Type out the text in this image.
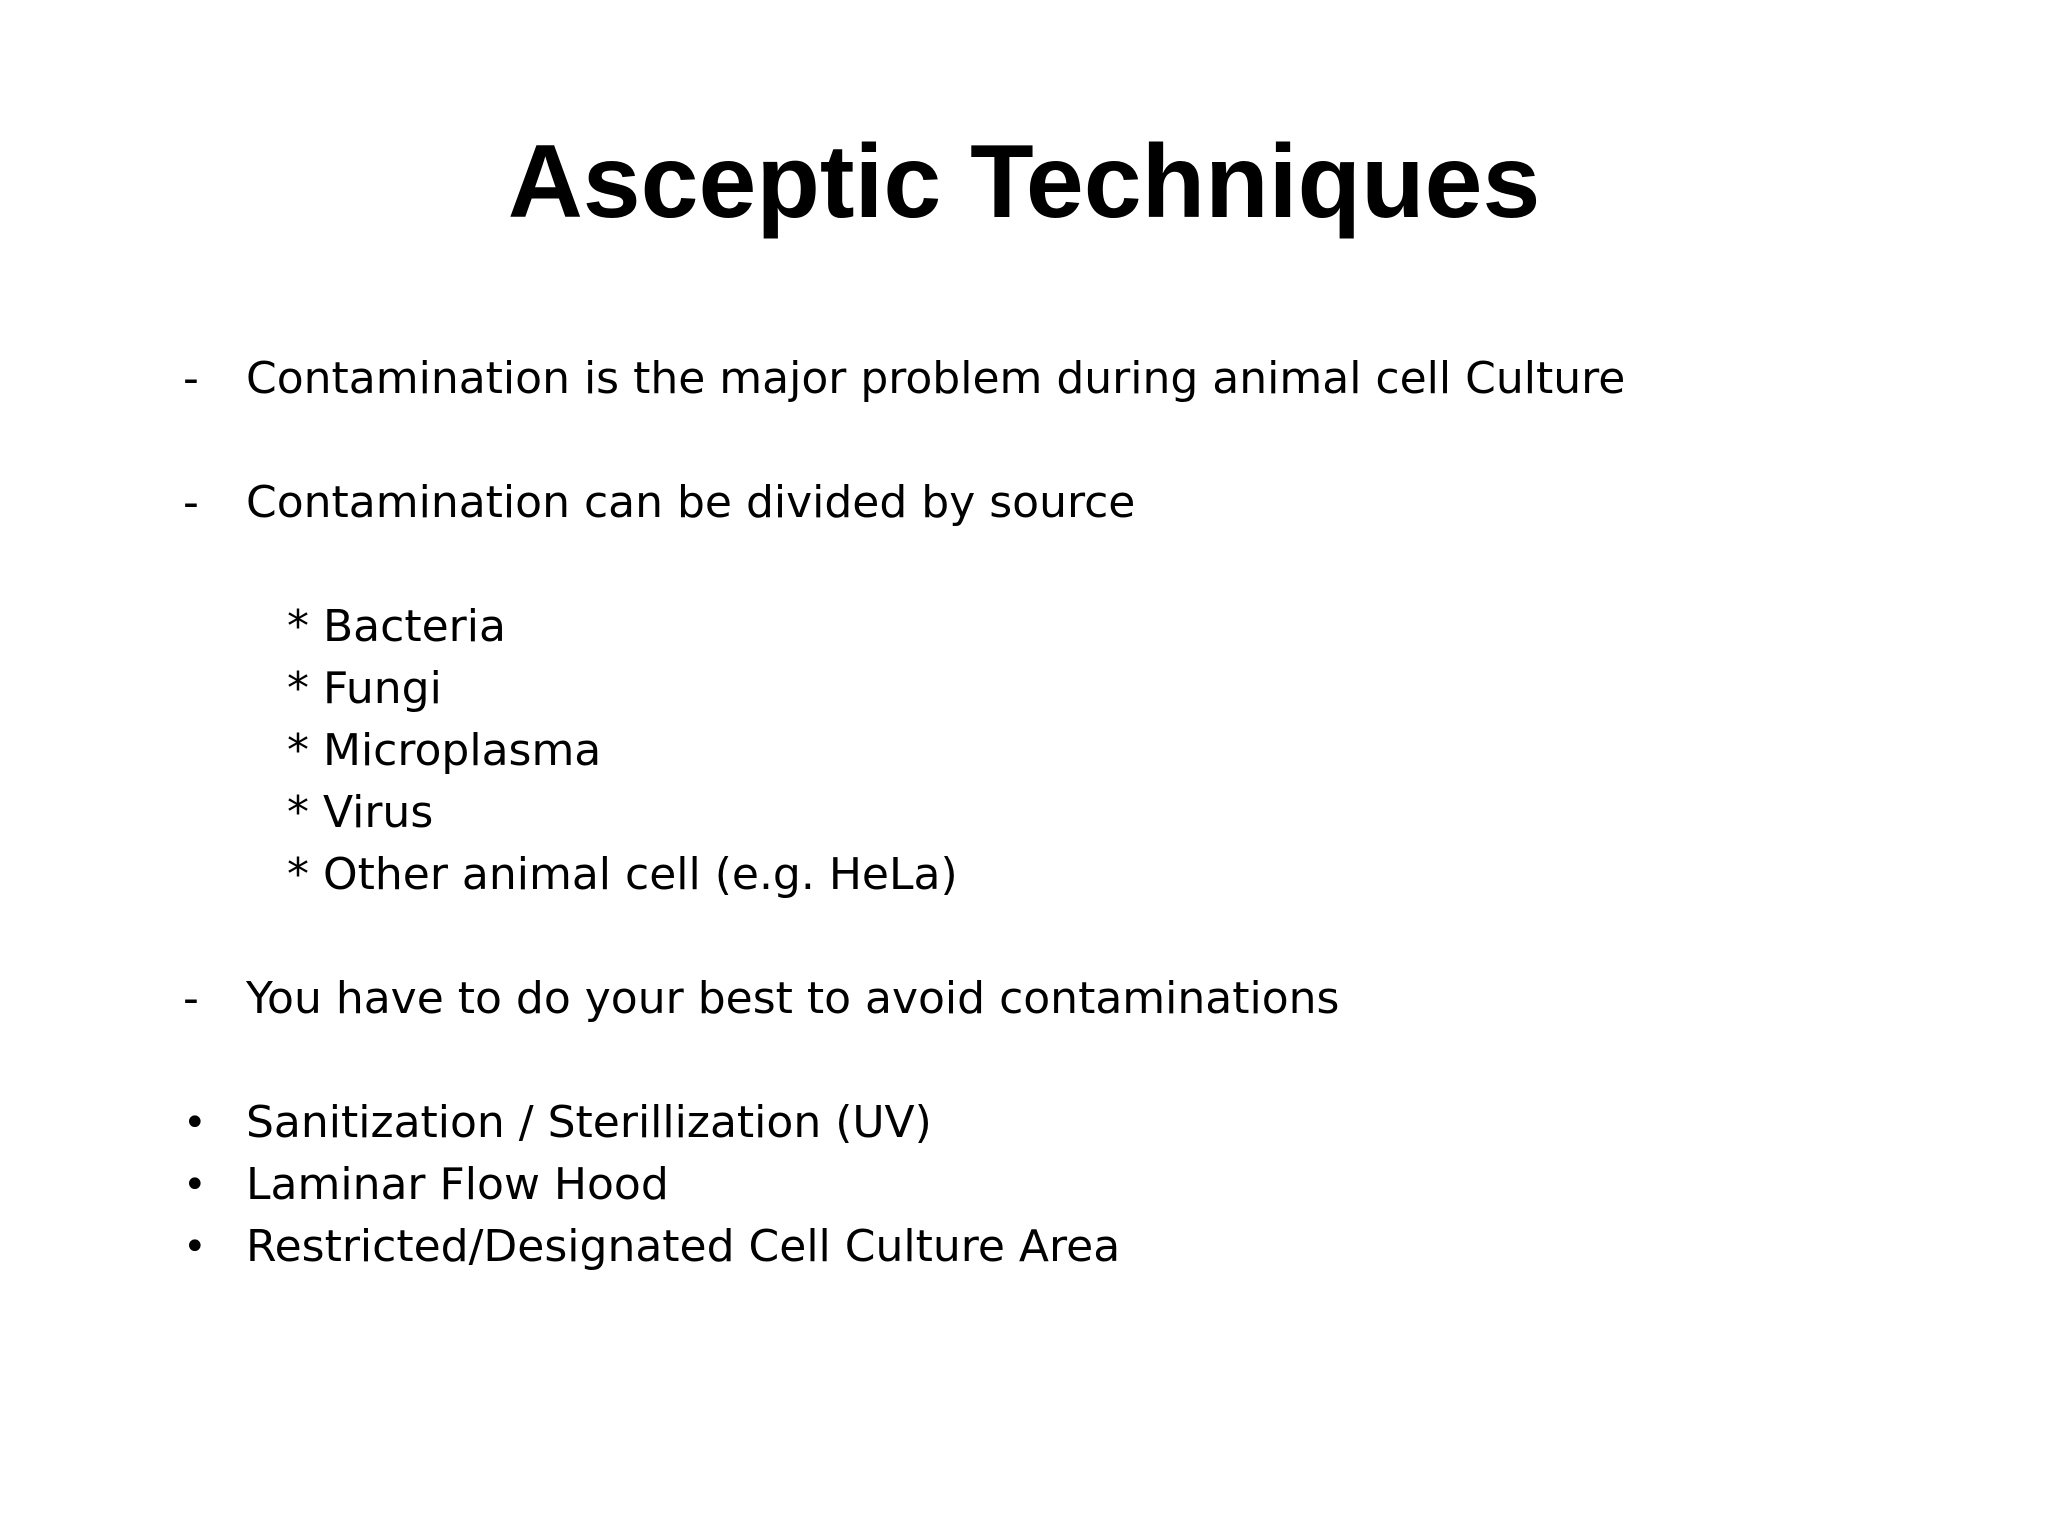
Asceptic Techniques
-	Contamination is the major problem during animal cell Culture
-	Contamination can be divided by source
* Bacteria
* Fungi
* Microplasma
* Virus
* Other animal cell (e.g. HeLa)
-	You have to do your best to avoid contaminations
• Sanitization / Sterillization (UV)
• Laminar Flow Hood
• Restricted/Designated Cell Culture Area
